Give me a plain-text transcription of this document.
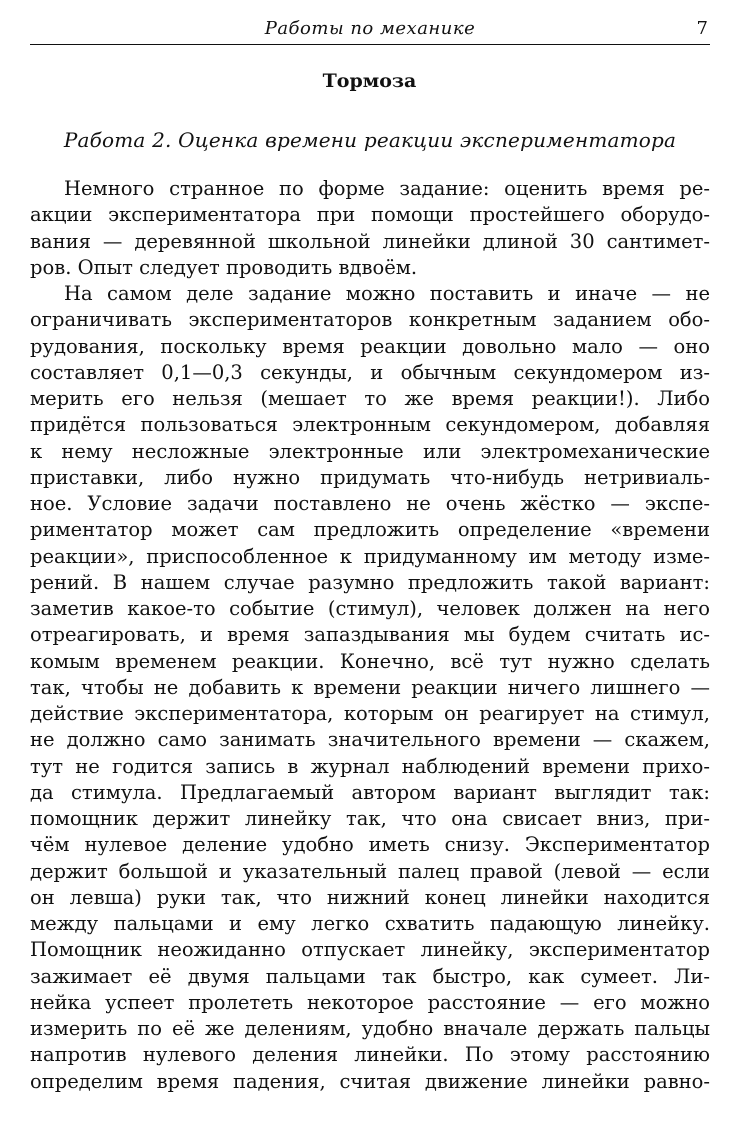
Работы по механике	7
Тормоза
Работа 2. Оценка времени реакции экспериментатора
Немного странное по форме задание: оценить время ре-
акции экспериментатора при помощи простейшего оборудо-
вания — деревянной школьной линейки длиной 30 сантимет-
ров. Опыт следует проводить вдвоём.
На самом деле задание можно поставить и иначе — не
ограничивать экспериментаторов конкретным заданием обо-
рудования, поскольку время реакции довольно мало — оно
составляет 0,1—0,3 секунды, и обычным секундомером из-
мерить его нельзя (мешает то же время реакции!). Либо
придётся пользоваться электронным секундомером, добавляя
к нему несложные электронные или электромеханические
приставки, либо нужно придумать что-нибудь нетривиаль-
ное. Условие задачи поставлено не очень жёстко — экспе-
риментатор может сам предложить определение «времени
реакции», приспособленное к придуманному им методу изме-
рений. В нашем случае разумно предложить такой вариант:
заметив какое-то событие (стимул), человек должен на него
отреагировать, и время запаздывания мы будем считать ис-
комым временем реакции. Конечно, всё тут нужно сделать
так, чтобы не добавить к времени реакции ничего лишнего —
действие экспериментатора, которым он реагирует на стимул,
не должно само занимать значительного времени — скажем,
тут не годится запись в журнал наблюдений времени прихо-
да стимула. Предлагаемый автором вариант выглядит так:
помощник держит линейку так, что она свисает вниз, при-
чём нулевое деление удобно иметь снизу. Экспериментатор
держит большой и указательный палец правой (левой — если
он левша) руки так, что нижний конец линейки находится
между пальцами и ему легко схватить падающую линейку.
Помощник неожиданно отпускает линейку, экспериментатор
зажимает её двумя пальцами так быстро, как сумеет. Ли-
нейка успеет пролететь некоторое расстояние — его можно
измерить по её же делениям, удобно вначале держать пальцы
напротив нулевого деления линейки. По этому расстоянию
определим время падения, считая движение линейки равно-
